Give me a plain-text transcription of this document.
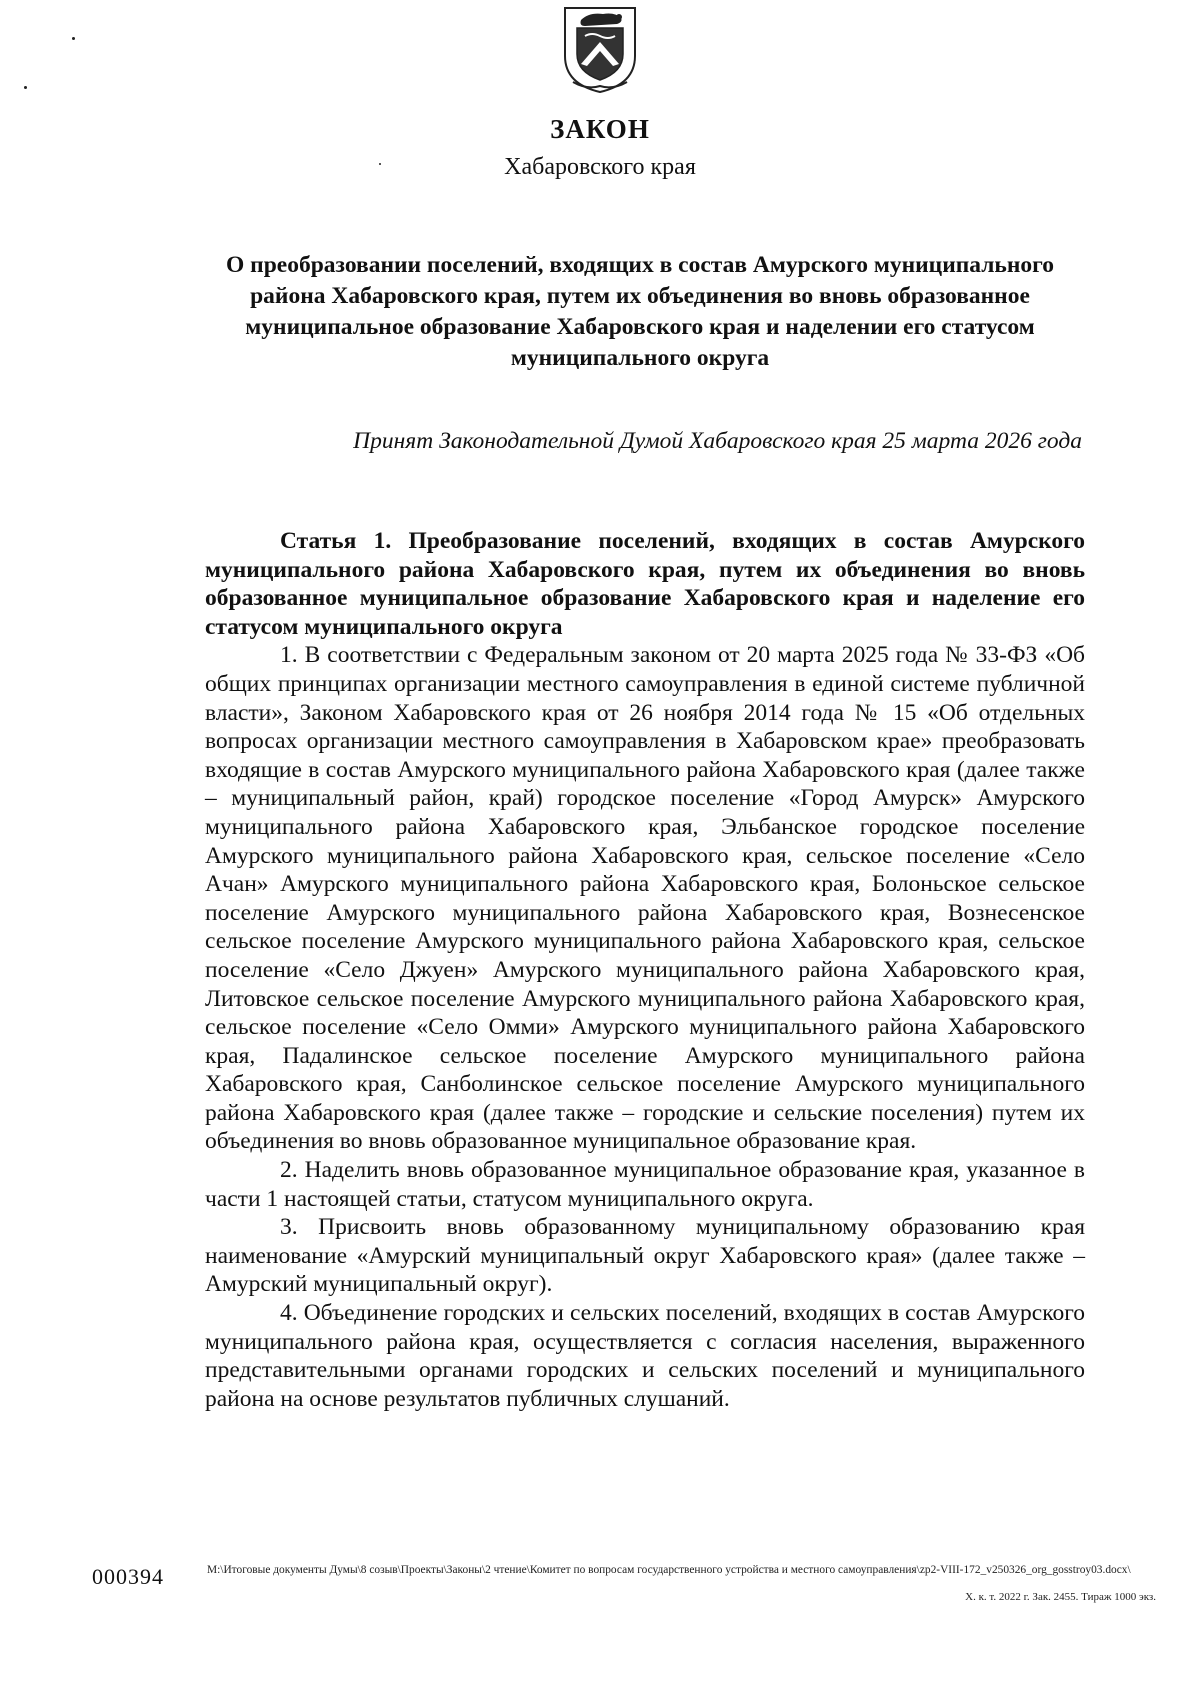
ЗАКОН
Хабаровского края
О преобразовании поселений, входящих в состав Амурского муниципального района Хабаровского края, путем их объединения во вновь образованное муниципальное образование Хабаровского края и наделении его статусом муниципального округа
Принят Законодательной Думой Хабаровского края 25 марта 2026 года

Статья 1. Преобразование поселений, входящих в состав Амурского муниципального района Хабаровского края, путем их объединения во вновь образованное муниципальное образование Хабаровского края и наделение его статусом муниципального округа

1. В соответствии с Федеральным законом от 20 марта 2025 года № 33-ФЗ «Об общих принципах организации местного самоуправления в единой системе публичной власти», Законом Хабаровского края от 26 ноября 2014 года № 15 «Об отдельных вопросах организации местного самоуправления в Хабаровском крае» преобразовать входящие в состав Амурского муниципального района Хабаровского края (далее также – муниципальный район, край) городское поселение «Город Амурск» Амурского муниципального района Хабаровского края, Эльбанское городское поселение Амурского муниципального района Хабаровского края, сельское поселение «Село Ачан» Амурского муниципального района Хабаровского края, Болоньское сельское поселение Амурского муниципального района Хабаровского края, Вознесенское сельское поселение Амурского муниципального района Хабаровского края, сельское поселение «Село Джуен» Амурского муниципального района Хабаровского края, Литовское сельское поселение Амурского муниципального района Хабаровского края, сельское поселение «Село Омми» Амурского муниципального района Хабаровского края, Падалинское сельское поселение Амурского муниципального района Хабаровского края, Санболинское сельское поселение Амурского муниципального района Хабаровского края (далее также – городские и сельские поселения) путем их объединения во вновь образованное муниципальное образование края.

2. Наделить вновь образованное муниципальное образование края, указанное в части 1 настоящей статьи, статусом муниципального округа.

3. Присвоить вновь образованному муниципальному образованию края наименование «Амурский муниципальный округ Хабаровского края» (далее также – Амурский муниципальный округ).

4. Объединение городских и сельских поселений, входящих в состав Амурского муниципального района края, осуществляется с согласия населения, выраженного представительными органами городских и сельских поселений и муниципального района на основе результатов публичных слушаний.

000394	M:\Итоговые документы Думы\8 созыв\Проекты\Законы\2 чтение\Комитет по вопросам государственного устройства и местного самоуправления\zp2-VIII-172_v250326_org_gosstroy03.docx\
Х. к. т. 2022 г. Зак. 2455. Тираж 1000 экз.
